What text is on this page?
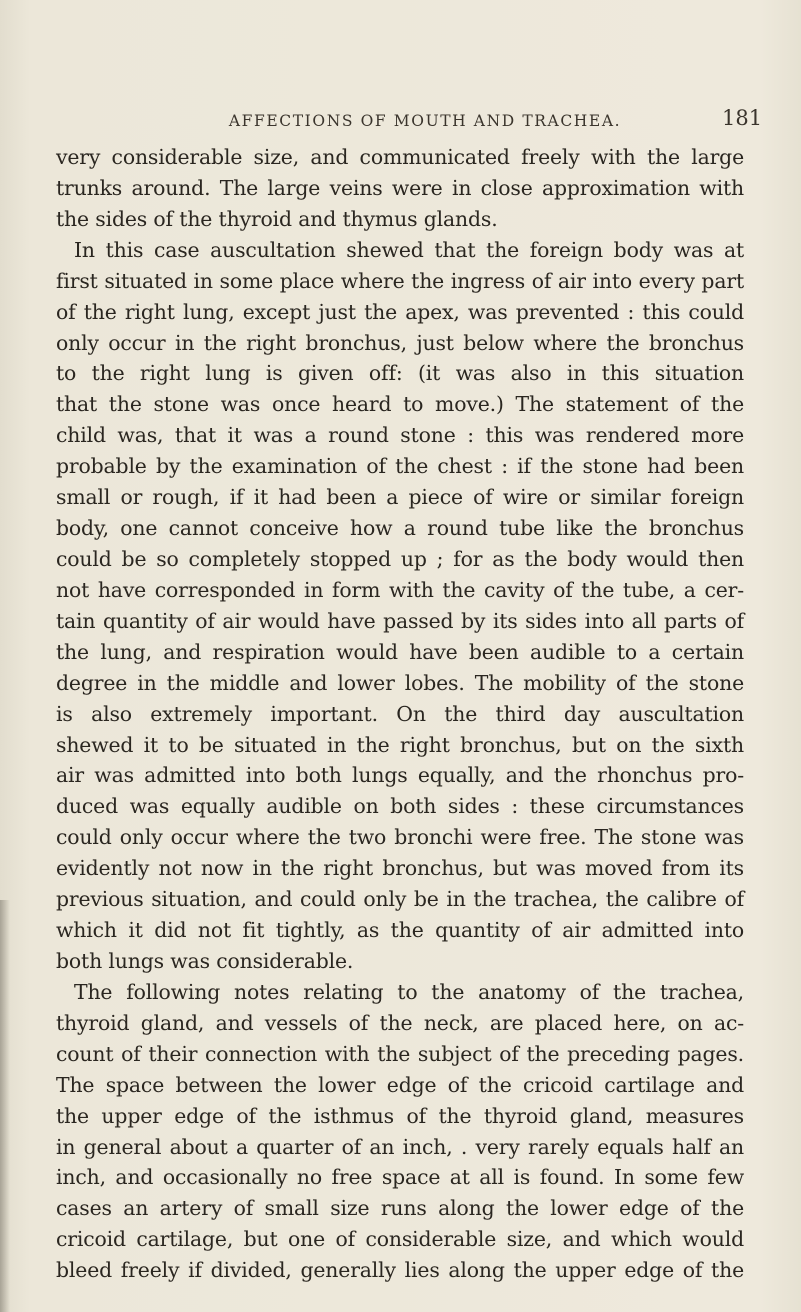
AFFECTIONS OF MOUTH AND TRACHEA.	181
very considerable size, and communicated freely with the large
trunks around. The large veins were in close approximation with
the sides of the thyroid and thymus glands.
In this case auscultation shewed that the foreign body was at
first situated in some place where the ingress of air into every part
of the right lung, except just the apex, was prevented : this could
only occur in the right bronchus, just below where the bronchus
to the right lung is given off: (it was also in this situation
that the stone was once heard to move.) The statement of the
child was, that it was a round stone : this was rendered more
probable by the examination of the chest : if the stone had been
small or rough, if it had been a piece of wire or similar foreign
body, one cannot conceive how a round tube like the bronchus
could be so completely stopped up ; for as the body would then
not have corresponded in form with the cavity of the tube, a cer-
tain quantity of air would have passed by its sides into all parts of
the lung, and respiration would have been audible to a certain
degree in the middle and lower lobes. The mobility of the stone
is also extremely important. On the third day auscultation
shewed it to be situated in the right bronchus, but on the sixth
air was admitted into both lungs equally, and the rhonchus pro-
duced was equally audible on both sides : these circumstances
could only occur where the two bronchi were free. The stone was
evidently not now in the right bronchus, but was moved from its
previous situation, and could only be in the trachea, the calibre of
which it did not fit tightly, as the quantity of air admitted into
both lungs was considerable.
The following notes relating to the anatomy of the trachea,
thyroid gland, and vessels of the neck, are placed here, on ac-
count of their connection with the subject of the preceding pages.
The space between the lower edge of the cricoid cartilage and
the upper edge of the isthmus of the thyroid gland, measures
in general about a quarter of an inch, . very rarely equals half an
inch, and occasionally no free space at all is found. In some few
cases an artery of small size runs along the lower edge of the
cricoid cartilage, but one of considerable size, and which would
bleed freely if divided, generally lies along the upper edge of the
